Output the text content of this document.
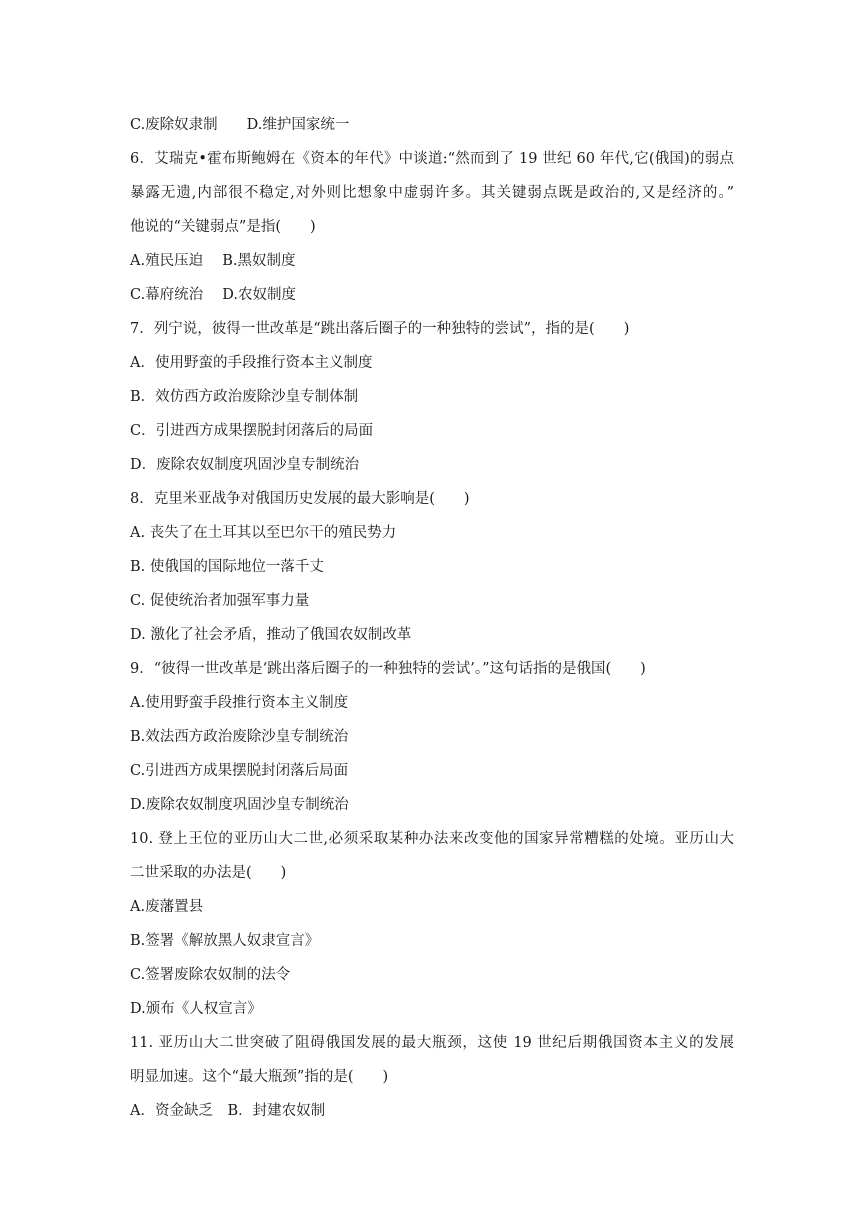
C.废除奴隶制　　D.维护国家统一
6．艾瑞克•霍布斯鲍姆在《资本的年代》中谈道:“然而到了 19 世纪 60 年代,它(俄国)的弱点
暴露无遗,内部很不稳定,对外则比想象中虚弱许多。其关键弱点既是政治的,又是经济的。”
他说的“关键弱点”是指(　　)
A.殖民压迫　 B.黑奴制度
C.幕府统治　 D.农奴制度
7．列宁说，彼得一世改革是“跳出落后圈子的一种独特的尝试”，指的是(　　)
A．使用野蛮的手段推行资本主义制度
B．效仿西方政治废除沙皇专制体制
C．引进西方成果摆脱封闭落后的局面
D．废除农奴制度巩固沙皇专制统治
8．克里米亚战争对俄国历史发展的最大影响是(　　)
A. 丧失了在土耳其以至巴尔干的殖民势力
B. 使俄国的国际地位一落千丈
C. 促使统治者加强军事力量
D. 激化了社会矛盾，推动了俄国农奴制改革
9．“彼得一世改革是‘跳出落后圈子的一种独特的尝试’。”这句话指的是俄国(　　)
A.使用野蛮手段推行资本主义制度
B.效法西方政治废除沙皇专制统治
C.引进西方成果摆脱封闭落后局面
D.废除农奴制度巩固沙皇专制统治
10. 登上王位的亚历山大二世,必须采取某种办法来改变他的国家异常糟糕的处境。亚历山大
二世采取的办法是(　　)
A.废藩置县
B.签署《解放黑人奴隶宣言》
C.签署废除农奴制的法令
D.颁布《人权宣言》
11. 亚历山大二世突破了阻碍俄国发展的最大瓶颈，这使 19 世纪后期俄国资本主义的发展
明显加速。这个“最大瓶颈”指的是(　　)
A．资金缺乏　B．封建农奴制
